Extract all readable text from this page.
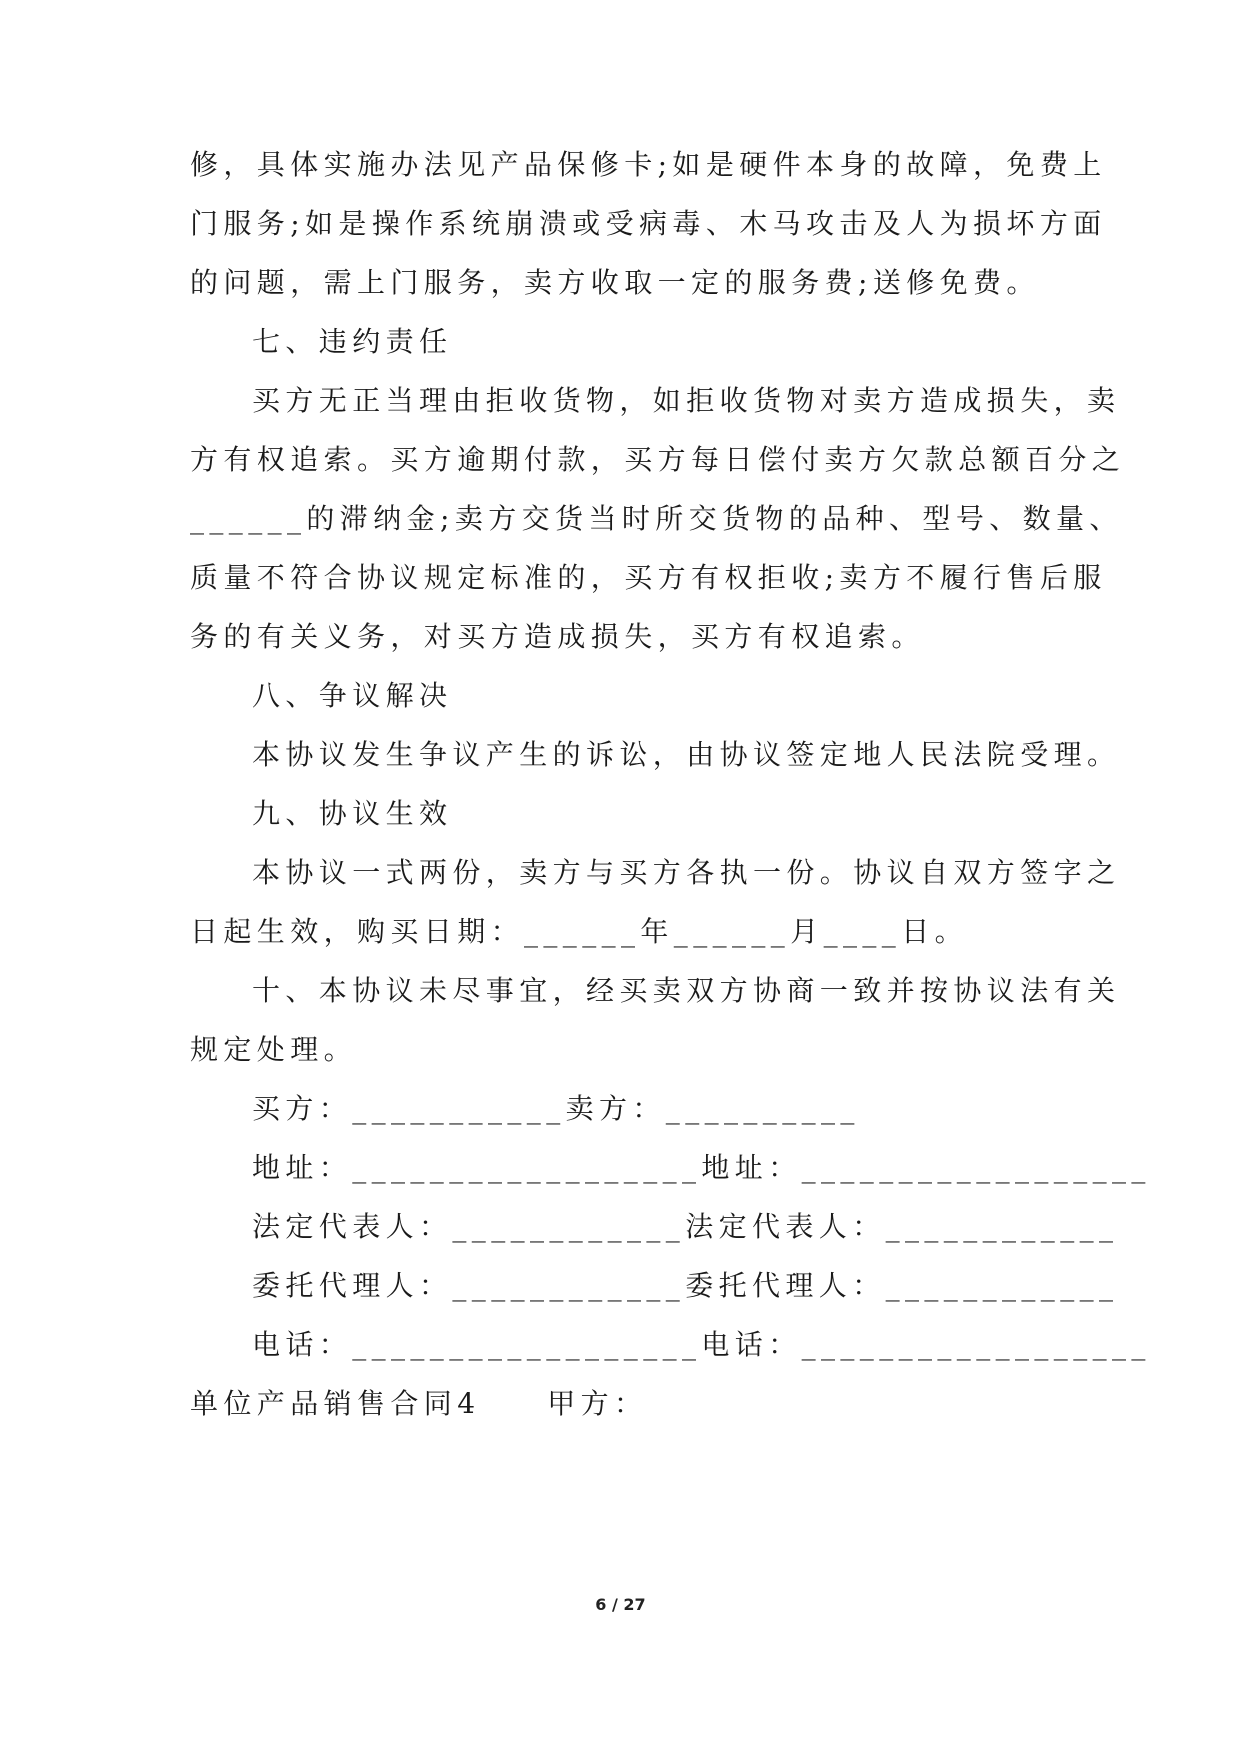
修，具体实施办法见产品保修卡;如是硬件本身的故障，免费上
门服务;如是操作系统崩溃或受病毒、木马攻击及人为损坏方面
的问题，需上门服务，卖方收取一定的服务费;送修免费。
七、违约责任
买方无正当理由拒收货物，如拒收货物对卖方造成损失，卖
方有权追索。买方逾期付款，买方每日偿付卖方欠款总额百分之
______的滞纳金;卖方交货当时所交货物的品种、型号、数量、
质量不符合协议规定标准的，买方有权拒收;卖方不履行售后服
务的有关义务，对买方造成损失，买方有权追索。
八、争议解决
本协议发生争议产生的诉讼，由协议签定地人民法院受理。
九、协议生效
本协议一式两份，卖方与买方各执一份。协议自双方签字之
日起生效，购买日期：______年______月____日。
十、本协议未尽事宜，经买卖双方协商一致并按协议法有关
规定处理。
买方：___________卖方：__________
地址：__________________地址：__________________
法定代表人：____________法定代表人：____________
委托代理人：____________委托代理人：____________
电话：__________________电话：__________________
单位产品销售合同4　　甲方：
6 / 27
